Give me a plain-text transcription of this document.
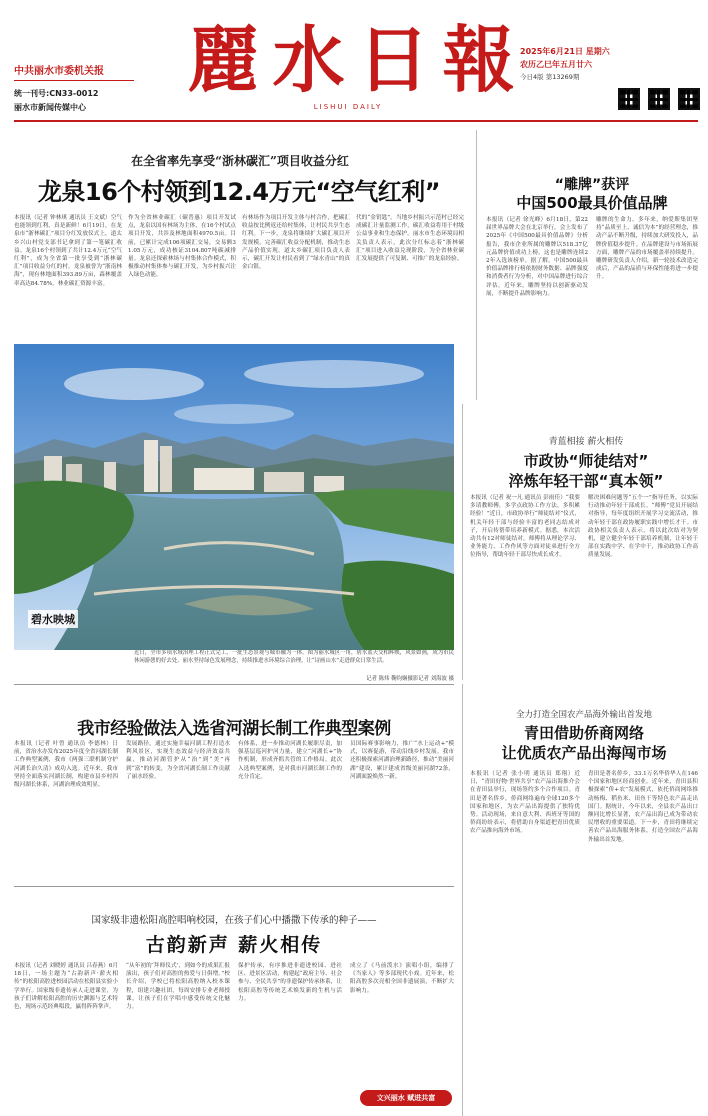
中共丽水市委机关报
统一刊号:CN33-0012
丽水市新闻传媒中心
麗 水 日 報
LISHUI DAILY
2025年6月21日 星期六
农历乙巳年五月廿六
今日4版 第13269期
在全省率先享受“浙林碳汇”项目收益分红
龙泉16个村领到12.4万元“空气红利”
本报讯（记者 钟林琪 通讯员 王文斌）空气也能领到红利，真是新鲜！6月19日，在龙泉市“浙林碳汇”项目分红发放仪式上，道太乡兴山村党支部书记拿到了第一笔碳汇收益。龙泉16个村领到了共计12.4万元“空气红利”，成为全省第一批享受到“浙林碳汇”项目收益分红的村。龙泉被誉为“浙南林海”，现有林地面积393.89万亩，森林覆盖率高达84.78%，林业碳汇资源丰富。
作为全省林业碳汇（碳普惠）项目开发试点，龙泉以国有林场为主体，在16个村试点项目开发，共涉及林地面积4970.5亩。目前，已累计完成106项碳汇交易，交易额31.05万元，成功核证3104.807吨碳减排量。龙泉还探索林场与村集体合作模式，积极推动村集体参与碳汇开发，为乡村振兴注入绿色动能。
有林场作为项目开发主体与村合作，把碳汇收益按比例返还给村集体，让村民共享生态红利。下一步，龙泉将继续扩大碳汇项目开发规模，完善碳汇收益分配机制，推动生态产品价值实现。道太乡碳汇项目负责人表示，碳汇开发让村民看到了“绿水青山”的真金白银。
代的“金钥匙”。当地乡村振兴示范村已经完成碳汇计量监测工作，碳汇收益将用于村级公益事业和生态保护。丽水市生态环境局相关负责人表示，此次分红标志着“浙林碳汇”项目进入收益兑现阶段，为全省林业碳汇发展提供了可复制、可推广的龙泉经验。
“雕牌”获评
中国500最具价值品牌
本报讯（记者 徐光峰）6月18日，第22届世界品牌大会在北京举行，会上发布了2025年《中国500最具价值品牌》分析报告，我市企业所属的雕牌以518.37亿元品牌价值成功上榜，这也是雕牌连续22年入选该榜单。据了解，中国500最具价值品牌排行榜依据财务数据、品牌强度和消费者行为分析，对中国品牌进行综合评估。近年来，雕牌坚持以创新驱动发展，不断提升品牌影响力。
雕牌的生命力。多年来，纳爱斯集团坚持“品质至上、诚信为本”的经营理念，推动产品不断升级，持续加大研发投入，品牌价值稳步提升。在品牌建设与市场拓展方面，雕牌产品的市场覆盖率持续提升。雕牌研发负责人介绍，新一轮技术改造完成后，产品的品质与环保性能将进一步提升。
碧水映城
近日，全市多项水域治理工程正式完工，一批生态景观与城市融为一体。图为丽水城区一角，碧水蓝天交相辉映，风景如画，成为市民休闲游憩的好去处。丽水坚持绿色发展理念，持续推进水环境综合治理，让“诗画山水”走进群众日常生活。
记者 陈炜 鞠钧娴摄影记者 刘海波 摄
青蓝相接 薪火相传
市政协“师徒结对”
淬炼年轻干部“真本领”
本报讯（记者 祝一凡 通讯员 彭雨佳）“我要多请教师傅，多学点政协工作方法，多积累经验！”近日，市政协举行“师徒结对”仪式，机关年轻干部与经验丰富的老同志结成对子，开启传帮带培养新模式。据悉，本次活动共有12对师徒结对，师傅将从理论学习、业务能力、工作作风等方面对徒弟进行全方位指导，帮助年轻干部尽快成长成才。
解决困难问题等“五个一”指导任务，以实际行动推动年轻干部成长。“师傅”党员开展结对指导，每年度组织开展学习交流活动，推动年轻干部在政协履职实践中增长才干。市政协相关负责人表示，将以此次结对为契机，建立健全年轻干部培养机制，让年轻干部在实践中学、在学中干，推动政协工作高质量发展。
我市经验做法入选省河湖长制工作典型案例
本报讯（记者 叶曾 通讯员 李德林）日前，省治水办发布2025年度全省河湖长制工作典型案例，我市《两强三联机制守护河湖长治久清》成功入选。近年来，我市坚持全面落实河湖长制，构建市县乡村四级河湖长体系，河湖治理成效明显。
发展路径，通过实施幸福河湖工程打造水利风景区，实现生态效益与经济效益共赢，推动河湖管护从“治”到“美”再到“富”的转变，为全省河湖长制工作贡献了丽水经验。
有体系，进一步推动河湖长履职尽责，加强基层巡河护河力量，建立“河湖长+”协作机制，形成齐抓共管的工作格局。此次入选典型案例，是对我市河湖长制工作的充分肯定。
员国际赛事影响力，推广“水上运动+”模式，以赛促游，带动沿线乡村发展。我市还积极探索河湖治理新路径，推动“美丽河湖”建设，累计建成省级美丽河湖72条，河湖面貌焕然一新。
全力打造全国农产品海外输出首发地
青田借助侨商网络
让优质农产品出海闯市场
本报讯（记者 张小明 通讯员 郑翔）近日，“青田好物·世界共享”农产品出海推介会在青田县举行，现场签约多个合作项目。青田是著名侨乡，侨商网络遍布全球120多个国家和地区，为农产品出海提供了独特优势。活动现场，来自意大利、西班牙等国的侨商纷纷表示，将借助自身渠道把青田优质农产品推向海外市场。
青田是著名侨乡，33.1万名华侨华人在146个国家和地区经商创业。近年来，青田县积极探索“侨+农”发展模式，依托侨商网络推动杨梅、稻鱼米、田鱼干等特色农产品走出国门。据统计，今年以来，全县农产品出口额同比增长显著，农产品出海已成为带动农民增收的重要渠道。下一步，青田将继续完善农产品出海服务体系，打造全国农产品海外输出首发地。
国家级非遗松阳高腔唱响校园，在孩子们心中播撒下传承的种子——
古韵新声 薪火相传
本报讯（记者 刘晓婷 通讯员 吕春燕）6月18日，一场主题为“古韵新声·薪火相传”的松阳高腔进校园活动在松阳县实验小学举行。国家级非遗传承人走进课堂，为孩子们讲解松阳高腔的历史渊源与艺术特色，现场示范经典唱段，赢得阵阵掌声。
“从年初的‘拜师仪式’，到如今的成果汇报演出，孩子们对高腔的热爱与日俱增。”校长介绍，学校已将松阳高腔纳入校本课程，组建兴趣社团，每周安排专业老师授课，让孩子们在学唱中感受传统文化魅力。
保护传承，有序推进非遗进校园、进社区、进景区活动，构建起“政府主导、社会参与、全民共享”的非遗保护传承体系，让松阳高腔等传统艺术焕发新的生机与活力。
成立了《马前泼水》演唱小组，编排了《当家人》等多部现代小戏。近年来，松阳高腔多次亮相全国非遗展演，不断扩大影响力。
文兴丽水 赋进共富
